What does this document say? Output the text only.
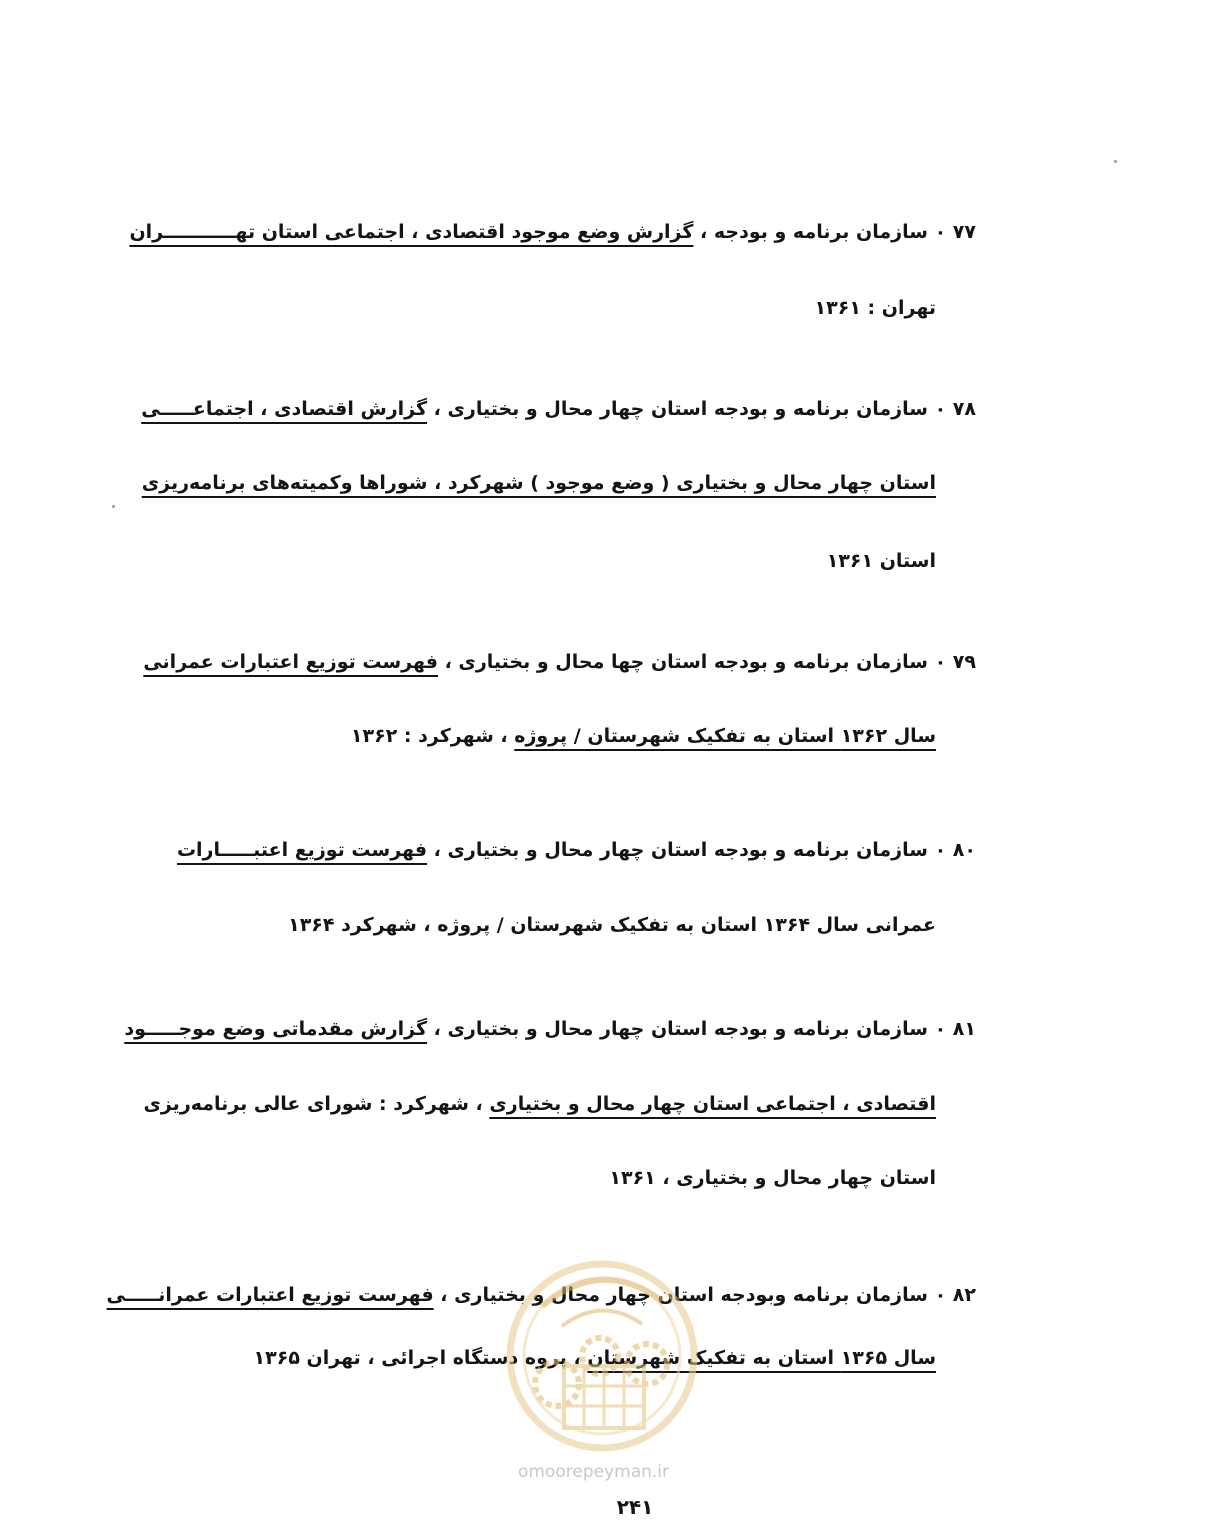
۷۷ ۰ سازمان برنامه و بودجه ، گزارش وضع موجود اقتصادی ، اجتماعی استان تهـــــــــــران
تهران : ۱۳۶۱
۷۸ ۰ سازمان برنامه و بودجه استان چهار محال و بختیاری ، گزارش اقتصادی ، اجتماعـــــی
استان چهار محال و بختیاری ( وضع موجود ) شهرکرد ، شوراها وکمیته‌های برنامه‌ریزی
استان ۱۳۶۱
۷۹ ۰ سازمان برنامه و بودجه استان چها محال و بختیاری ، فهرست توزیع اعتبارات عمرانی
سال ۱۳۶۲ استان به تفکیک شهرستان / پروژه ، شهرکرد : ۱۳۶۲
۸۰ ۰ سازمان برنامه و بودجه استان چهار محال و بختیاری ، فهرست توزیع اعتبـــــارات
عمرانی سال ۱۳۶۴ استان به تفکیک شهرستان / پروژه ، شهرکرد ۱۳۶۴
۸۱ ۰ سازمان برنامه و بودجه استان چهار محال و بختیاری ، گزارش مقدماتی وضع موجـــــود
اقتصادی ، اجتماعی استان چهار محال و بختیاری ، شهرکرد : شورای عالی برنامه‌ریزی
استان چهار محال و بختیاری ، ۱۳۶۱
۸۲ ۰ سازمان برنامه وبودجه استان چهار محال و بختیاری ، فهرست توزیع اعتبارات عمرانـــــی
سال ۱۳۶۵ استان به تفکیک شهرستان ، پروه دستگاه اجرائی ، تهران ۱۳۶۵
omoorepeyman.ir
۲۴۱
